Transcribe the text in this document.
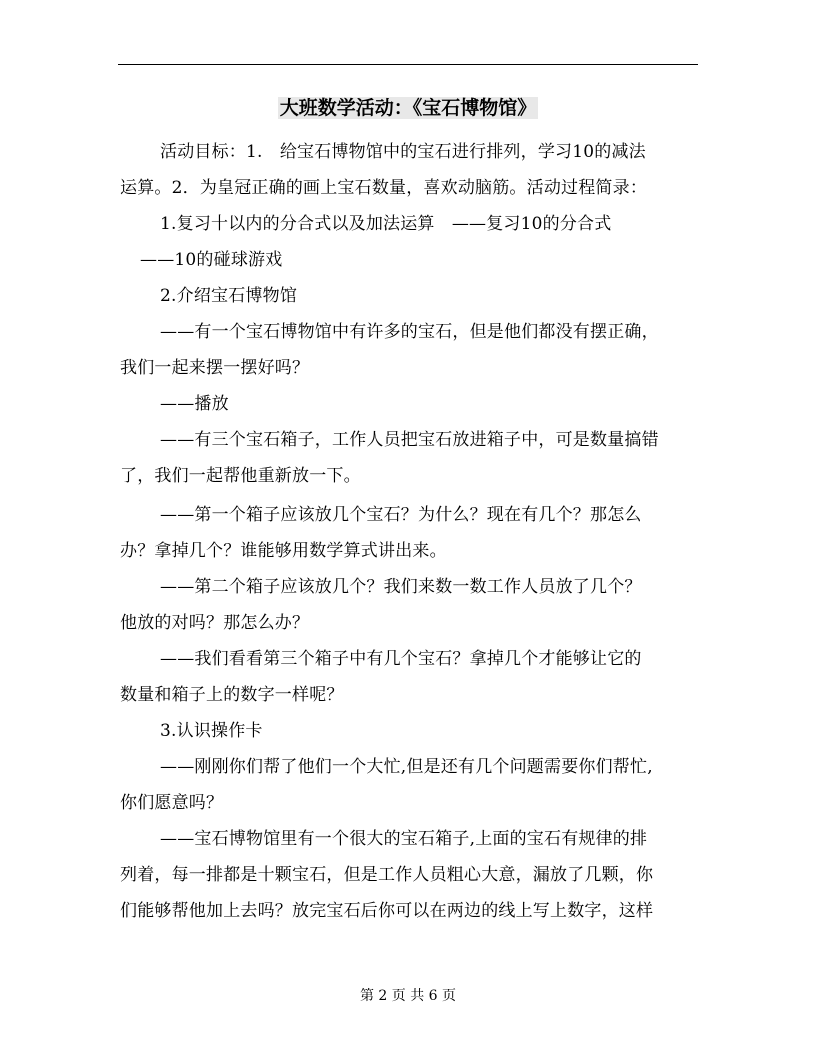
大班数学活动：《宝石博物馆》
活动目标：1.　给宝石博物馆中的宝石进行排列，学习10的减法
运算。2．为皇冠正确的画上宝石数量，喜欢动脑筋。活动过程简录：
1.复习十以内的分合式以及加法运算　——复习10的分合式
——10的碰球游戏
2.介绍宝石博物馆
——有一个宝石博物馆中有许多的宝石，但是他们都没有摆正确，
我们一起来摆一摆好吗？
——播放
——有三个宝石箱子，工作人员把宝石放进箱子中，可是数量搞错
了，我们一起帮他重新放一下。
——第一个箱子应该放几个宝石？为什么？现在有几个？那怎么
办？拿掉几个？谁能够用数学算式讲出来。
——第二个箱子应该放几个？我们来数一数工作人员放了几个？
他放的对吗？那怎么办？
——我们看看第三个箱子中有几个宝石？拿掉几个才能够让它的
数量和箱子上的数字一样呢？
3.认识操作卡
——刚刚你们帮了他们一个大忙,但是还有几个问题需要你们帮忙,
你们愿意吗？
——宝石博物馆里有一个很大的宝石箱子,上面的宝石有规律的排
列着，每一排都是十颗宝石，但是工作人员粗心大意，漏放了几颗，你
们能够帮他加上去吗？放完宝石后你可以在两边的线上写上数字，这样
第 2 页 共 6 页
